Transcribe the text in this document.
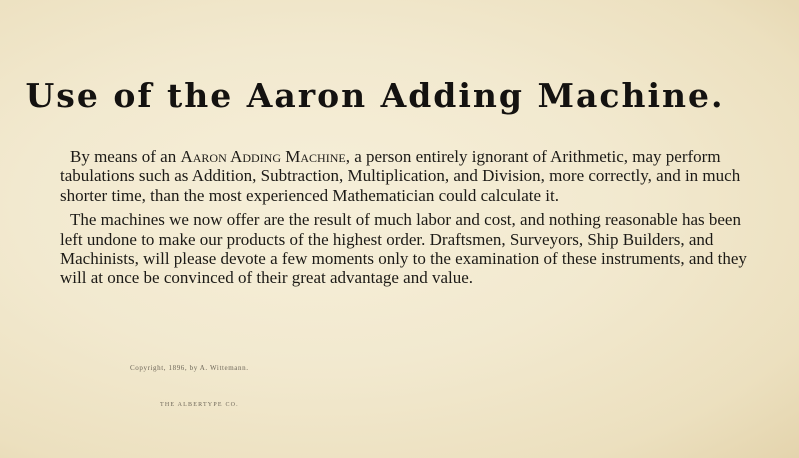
Use of the Aaron Adding Machine.

By means of an Aaron Adding Machine, a person entirely ignorant of Arithmetic, may perform tabulations such as Addition, Subtraction, Multiplication, and Division, more correctly, and in much shorter time, than the most experienced Mathematician could calculate it.

The machines we now offer are the result of much labor and cost, and nothing reasonable has been left undone to make our products of the highest order. Draftsmen, Surveyors, Ship Builders, and Machinists, will please devote a few moments only to the examination of these instruments, and they will at once be convinced of their great advantage and value.

Copyright, 1896, by A. Wittemann.
THE ALBERTYPE CO.
